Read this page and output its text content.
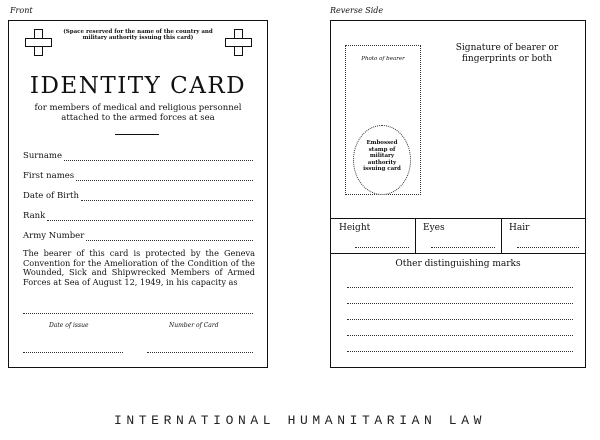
Front	Reverse Side
(Space reserved for the name of the country and military authority issuing this card)
IDENTITY CARD
for members of medical and religious personnel attached to the armed forces at sea
Surname
First names
Date of Birth
Rank
Army Number
The bearer of this card is protected by the Geneva Convention for the Amelioration of the Condition of the Wounded, Sick and Shipwrecked Members of Armed Forces at Sea of August 12, 1949, in his capacity as
Date of issue	Number of Card
Photo of bearer
Embossed stamp of military authority issuing card
Signature of bearer or fingerprints or both
Height	Eyes	Hair
Other distinguishing marks
INTERNATIONAL HUMANITARIAN LAW
